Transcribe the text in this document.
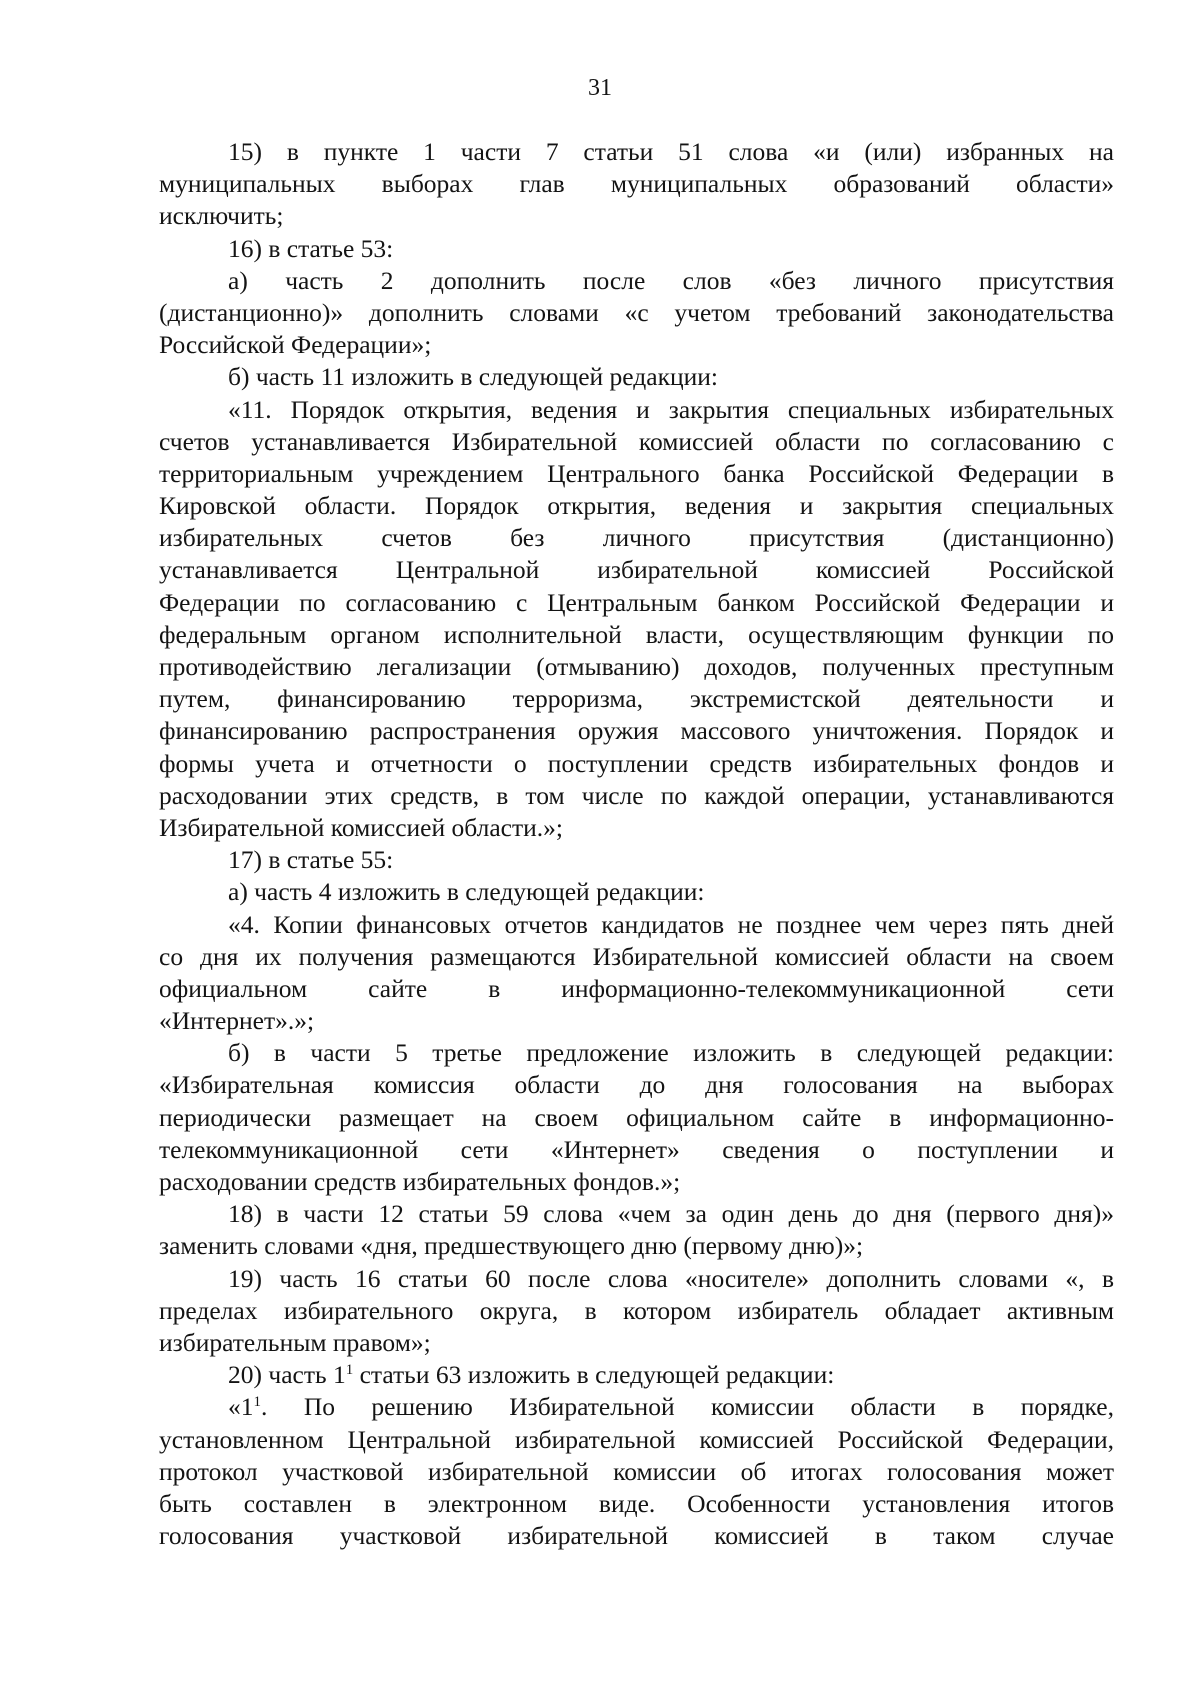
31
15) в пункте 1 части 7 статьи 51 слова «и (или) избранных на
муниципальных выборах глав муниципальных образований области»
исключить;
16) в статье 53:
а) часть 2 дополнить после слов «без личного присутствия
(дистанционно)» дополнить словами «с учетом требований законодательства
Российской Федерации»;
б) часть 11 изложить в следующей редакции:
«11. Порядок открытия, ведения и закрытия специальных избирательных
счетов устанавливается Избирательной комиссией области по согласованию с
территориальным учреждением Центрального банка Российской Федерации в
Кировской области. Порядок открытия, ведения и закрытия специальных
избирательных счетов без личного присутствия (дистанционно)
устанавливается Центральной избирательной комиссией Российской
Федерации по согласованию с Центральным банком Российской Федерации и
федеральным органом исполнительной власти, осуществляющим функции по
противодействию легализации (отмыванию) доходов, полученных преступным
путем, финансированию терроризма, экстремистской деятельности и
финансированию распространения оружия массового уничтожения. Порядок и
формы учета и отчетности о поступлении средств избирательных фондов и
расходовании этих средств, в том числе по каждой операции, устанавливаются
Избирательной комиссией области.»;
17) в статье 55:
а) часть 4 изложить в следующей редакции:
«4. Копии финансовых отчетов кандидатов не позднее чем через пять дней
со дня их получения размещаются Избирательной комиссией области на своем
официальном сайте в информационно-телекоммуникационной сети
«Интернет».»;
б) в части 5 третье предложение изложить в следующей редакции:
«Избирательная комиссия области до дня голосования на выборах
периодически размещает на своем официальном сайте в информационно-
телекоммуникационной сети «Интернет» сведения о поступлении и
расходовании средств избирательных фондов.»;
18) в части 12 статьи 59 слова «чем за один день до дня (первого дня)»
заменить словами «дня, предшествующего дню (первому дню)»;
19) часть 16 статьи 60 после слова «носителе» дополнить словами «, в
пределах избирательного округа, в котором избиратель обладает активным
избирательным правом»;
20) часть $1^1$ статьи 63 изложить в следующей редакции:
«$1^1$. По решению Избирательной комиссии области в порядке,
установленном Центральной избирательной комиссией Российской Федерации,
протокол участковой избирательной комиссии об итогах голосования может
быть составлен в электронном виде. Особенности установления итогов
голосования участковой избирательной комиссией в таком случае
